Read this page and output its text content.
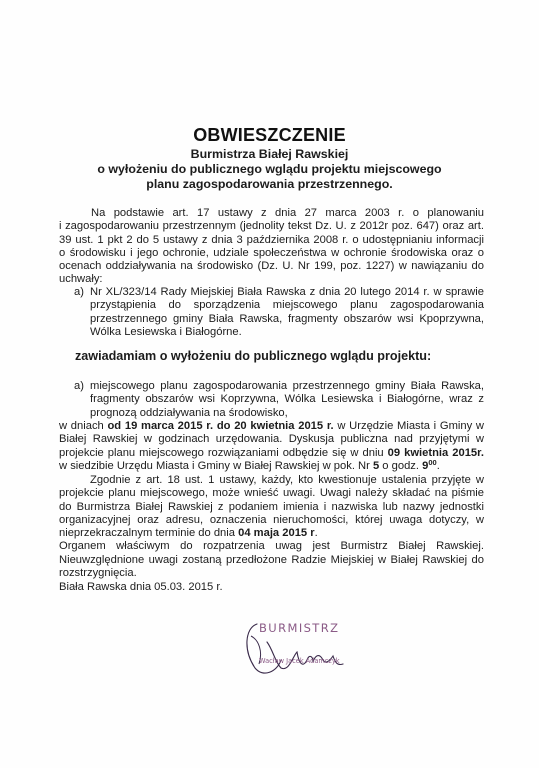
OBWIESZCZENIE
Burmistrza Białej Rawskiej
o wyłożeniu do publicznego wglądu projektu miejscowego
planu zagospodarowania przestrzennego.
Na podstawie art. 17 ustawy z dnia 27 marca 2003 r. o planowaniu
i zagospodarowaniu przestrzennym (jednolity tekst Dz. U. z 2012r poz. 647) oraz art.
39 ust. 1 pkt 2 do 5 ustawy z dnia 3 października 2008 r. o udostępnianiu informacji
o środowisku i jego ochronie, udziale społeczeństwa w ochronie środowiska oraz o
ocenach oddziaływania na środowisko (Dz. U. Nr 199, poz. 1227) w nawiązaniu do
uchwały:
a) Nr XL/323/14 Rady Miejskiej Biała Rawska z dnia 20 lutego 2014 r. w sprawie
przystąpienia do sporządzenia miejscowego planu zagospodarowania
przestrzennego gminy Biała Rawska, fragmenty obszarów wsi Kpoprzywna,
Wólka Lesiewska i Białogórne.
zawiadamiam o wyłożeniu do publicznego wglądu projektu:
a) miejscowego planu zagospodarowania przestrzennego gminy Biała Rawska,
fragmenty obszarów wsi Koprzywna, Wólka Lesiewska i Białogórne, wraz z
prognozą oddziaływania na środowisko,
w dniach od 19 marca 2015 r. do 20 kwietnia 2015 r. w Urzędzie Miasta i Gminy w
Białej Rawskiej w godzinach urzędowania. Dyskusja publiczna nad przyjętymi w
projekcie planu miejscowego rozwiązaniami odbędzie się w dniu 09 kwietnia 2015r.
w siedzibie Urzędu Miasta i Gminy w Białej Rawskiej w pok. Nr 5 o godz. $9^{00}$.
Zgodnie z art. 18 ust. 1 ustawy, każdy, kto kwestionuje ustalenia przyjęte w
projekcie planu miejscowego, może wnieść uwagi. Uwagi należy składać na piśmie
do Burmistrza Białej Rawskiej z podaniem imienia i nazwiska lub nazwy jednostki
organizacyjnej oraz adresu, oznaczenia nieruchomości, której uwaga dotyczy, w
nieprzekraczalnym terminie do dnia 04 maja 2015 r.
Organem właściwym do rozpatrzenia uwag jest Burmistrz Białej Rawskiej.
Nieuwzględnione uwagi zostaną przedłożone Radzie Miejskiej w Białej Rawskiej do
rozstrzygnięcia.
Biała Rawska dnia 05.03. 2015 r.
BURMISTRZ
Wacław Jacek Adamczyk
